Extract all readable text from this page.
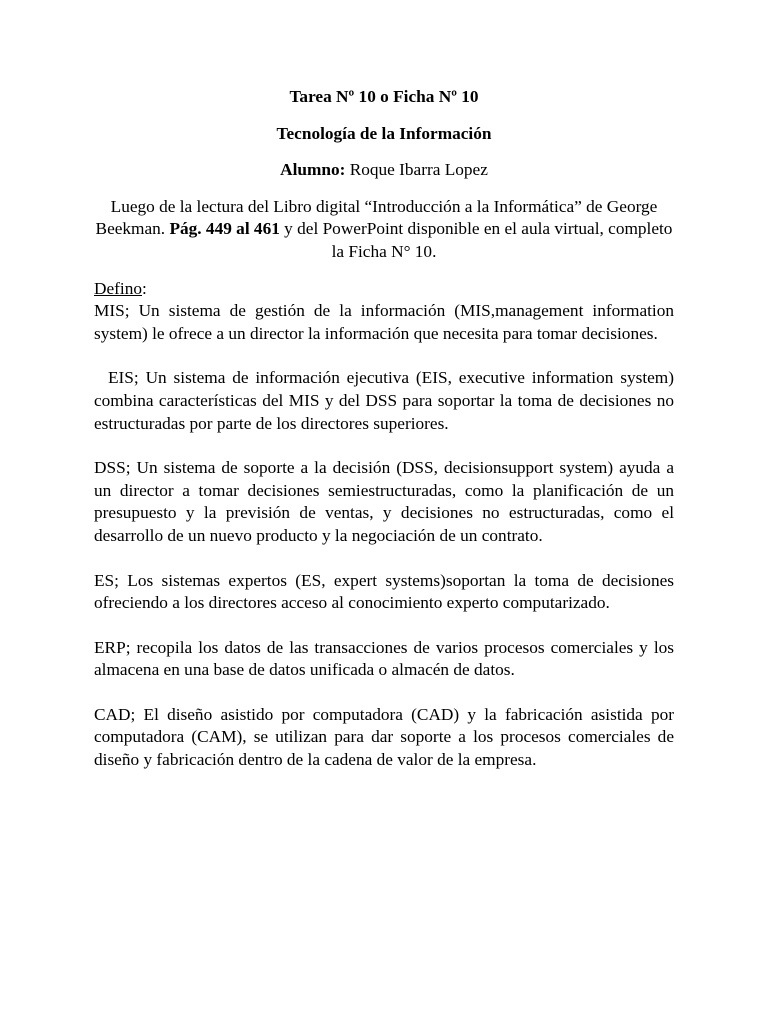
Tarea Nº 10 o Ficha Nº 10

Tecnología de la Información

Alumno: Roque Ibarra Lopez

Luego de la lectura del Libro digital “Introducción a la Informática” de George Beekman. Pág. 449 al 461 y del PowerPoint disponible en el aula virtual, completo la Ficha N° 10.

Defino:

MIS; Un sistema de gestión de la información (MIS,management information system) le ofrece a un director la información que necesita para tomar decisiones.

EIS; Un sistema de información ejecutiva (EIS, executive information system) combina características del MIS y del DSS para soportar la toma de decisiones no estructuradas por parte de los directores superiores.

DSS; Un sistema de soporte a la decisión (DSS, decisionsupport system) ayuda a un director a tomar decisiones semiestructuradas, como la planificación de un presupuesto y la previsión de ventas, y decisiones no estructuradas, como el desarrollo de un nuevo producto y la negociación de un contrato.

ES; Los sistemas expertos (ES, expert systems)soportan la toma de decisiones ofreciendo a los directores acceso al conocimiento experto computarizado.

ERP; recopila los datos de las transacciones de varios procesos comerciales y los almacena en una base de datos unificada o almacén de datos.

CAD; El diseño asistido por computadora (CAD) y la fabricación asistida por computadora (CAM), se utilizan para dar soporte a los procesos comerciales de diseño y fabricación dentro de la cadena de valor de la empresa.
